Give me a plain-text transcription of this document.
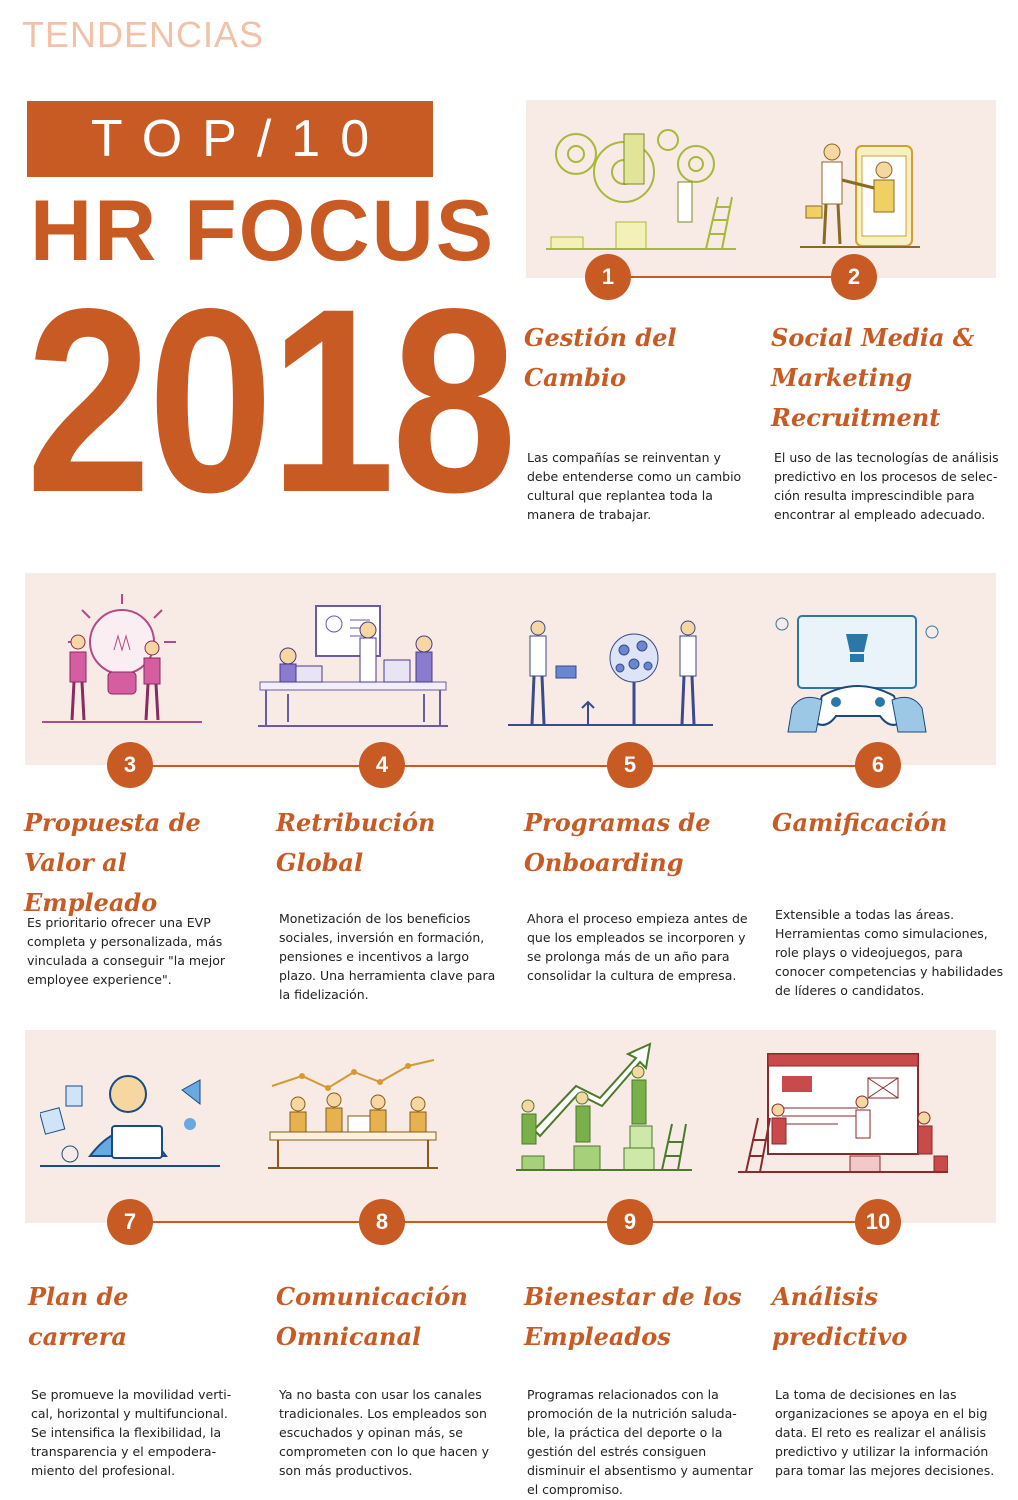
TENDENCIAS
TOP/10
HR FOCUS
2018	1	2
3	4	5	6
7	8	9	10
Gestión del
Cambio
Las compañías se reinventan y
debe entenderse como un cambio
cultural que replantea toda la
manera de trabajar.
Social Media &
Marketing
Recruitment
El uso de las tecnologías de análisis
predictivo en los procesos de selec-
ción resulta imprescindible para
encontrar al empleado adecuado.
Propuesta de
Valor al Empleado
Es prioritario ofrecer una EVP
completa y personalizada, más
vinculada a conseguir "la mejor
employee experience".
Retribución
Global
Monetización de los beneficios
sociales, inversión en formación,
pensiones e incentivos a largo
plazo. Una herramienta clave para
la fidelización.
Programas de
Onboarding
Ahora el proceso empieza antes de
que los empleados se incorporen y
se prolonga más de un año para
consolidar la cultura de empresa.
Gamificación
Extensible a todas las áreas.
Herramientas como simulaciones,
role plays o videojuegos, para
conocer competencias y habilidades
de líderes o candidatos.
Plan de
carrera
Se promueve la movilidad verti-
cal, horizontal y multifuncional.
Se intensifica la flexibilidad, la
transparencia y el empodera-
miento del profesional.
Comunicación
Omnicanal
Ya no basta con usar los canales
tradicionales. Los empleados son
escuchados y opinan más, se
comprometen con lo que hacen y
son más productivos.
Bienestar de los
Empleados
Programas relacionados con la
promoción de la nutrición saluda-
ble, la práctica del deporte o la
gestión del estrés consiguen
disminuir el absentismo y aumentar
el compromiso.
Análisis predictivo
La toma de decisiones en las
organizaciones se apoya en el big
data. El reto es realizar el análisis
predictivo y utilizar la información
para tomar las mejores decisiones.
